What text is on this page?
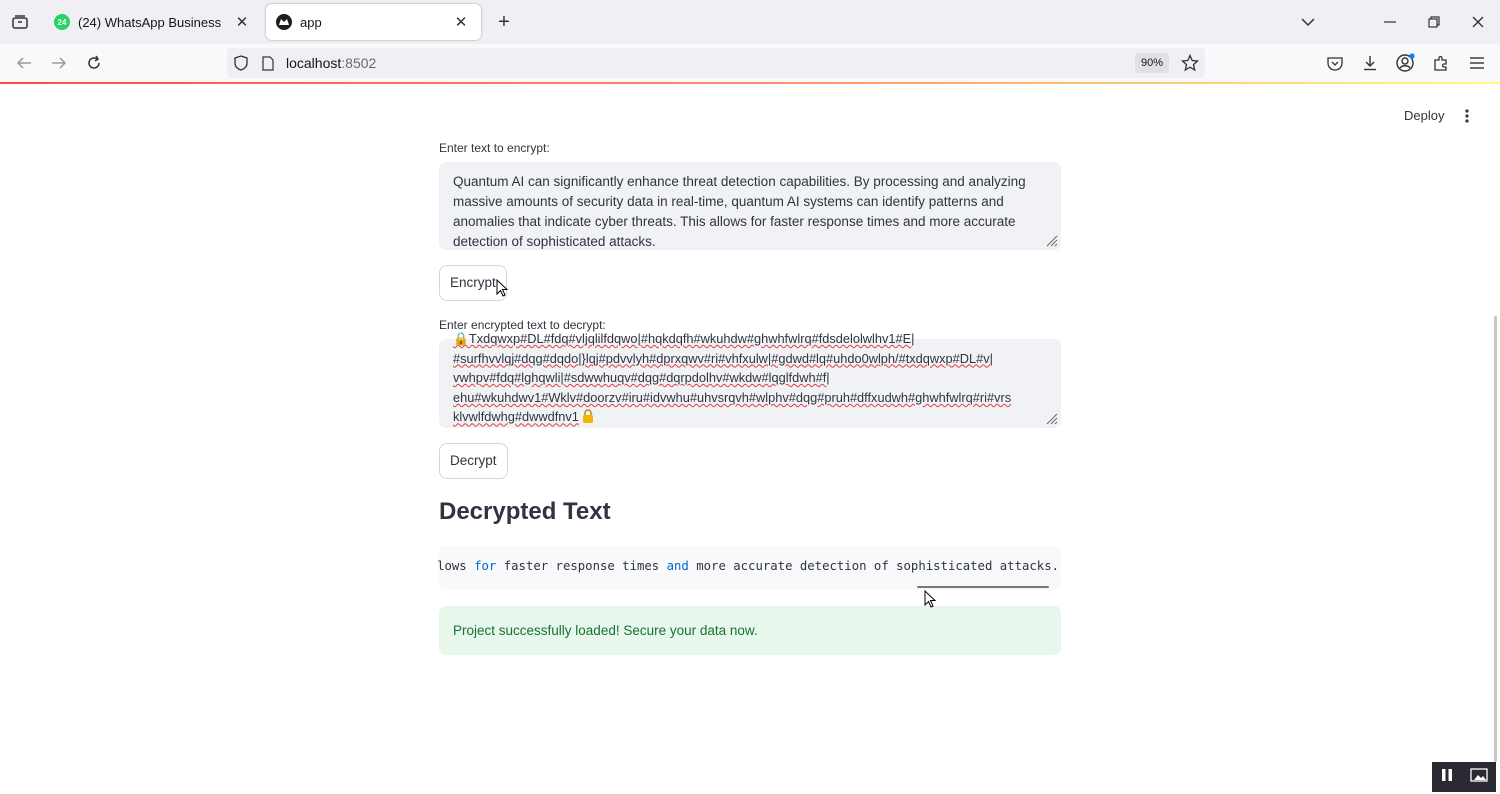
24 (24) WhatsApp Business ✕	app	✕	+
localhost:8502	90%
Deploy
Enter text to encrypt:
Quantum AI can significantly enhance threat detection capabilities. By processing and analyzing massive amounts of security data in real-time, quantum AI systems can identify patterns and anomalies that indicate cyber threats. This allows for faster response times and more accurate detection of sophisticated attacks.
Encrypt
Enter encrypted text to decrypt:
🔒Txdqwxp#DL#fdq#vljqlilfdqwo|#hqkdqfh#wkuhdw#ghwhfwlrq#fdsdelolwlhv1#E|
#surfhvvlqj#dqg#dqdo|}lqj#pdvvlyh#dprxqwv#ri#vhfxulw|#gdwd#lq#uhdo0wlph/#txdqwxp#DL#v|
vwhpv#fdq#lghqwli|#sdwwhuqv#dqg#dqrpdolhv#wkdw#lqglfdwh#f|
ehu#wkuhdwv1#Wklv#doorzv#iru#idvwhu#uhvsrqvh#wlphv#dqg#pruh#dffxudwh#ghwhfwlrq#ri#vrs
klvwlfdwhg#dwwdfnv1
Decrypt
Decrypted Text
lows for faster response times and more accurate detection of sophisticated attacks.
Project successfully loaded! Secure your data now.
